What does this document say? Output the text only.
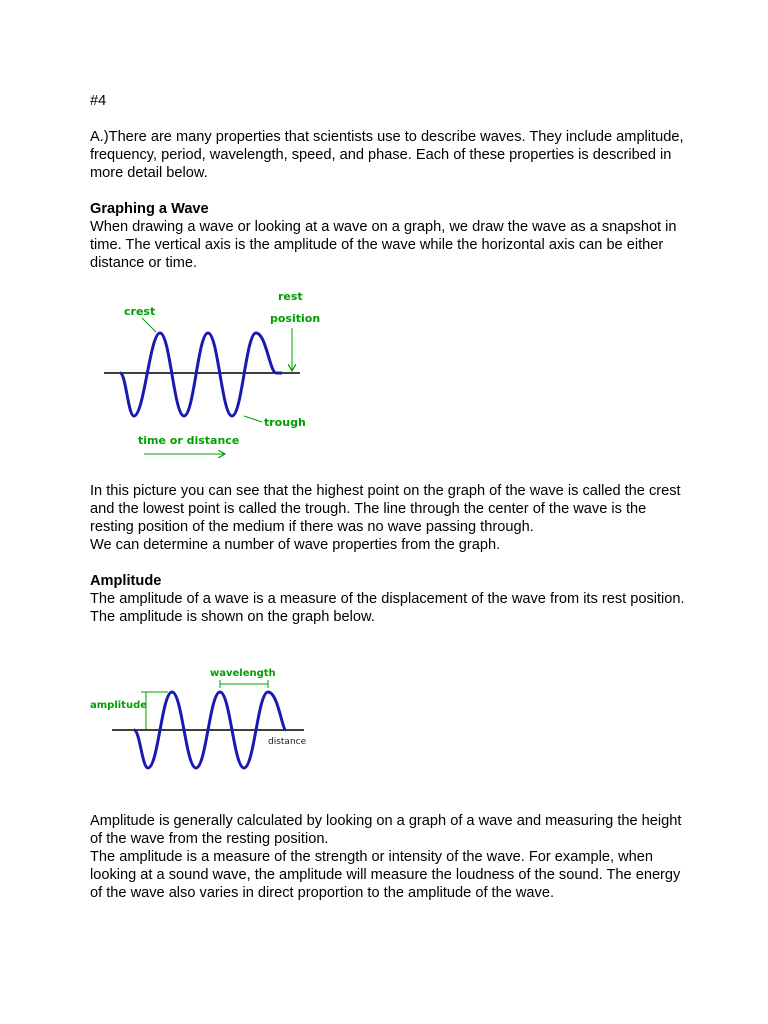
#4

A.)There are many properties that scientists use to describe waves. They include amplitude, frequency, period, wavelength, speed, and phase. Each of these properties is described in more detail below.

Graphing a Wave

When drawing a wave or looking at a wave on a graph, we draw the wave as a snapshot in time. The vertical axis is the amplitude of the wave while the horizontal axis can be either distance or time.

crest
rest
position
trough
time or distance

In this picture you can see that the highest point on the graph of the wave is called the crest and the lowest point is called the trough. The line through the center of the wave is the resting position of the medium if there was no wave passing through.

We can determine a number of wave properties from the graph.

Amplitude

The amplitude of a wave is a measure of the displacement of the wave from its rest position. The amplitude is shown on the graph below.

wavelength
amplitude
distance

Amplitude is generally calculated by looking on a graph of a wave and measuring the height of the wave from the resting position.

The amplitude is a measure of the strength or intensity of the wave. For example, when looking at a sound wave, the amplitude will measure the loudness of the sound. The energy of the wave also varies in direct proportion to the amplitude of the wave.
